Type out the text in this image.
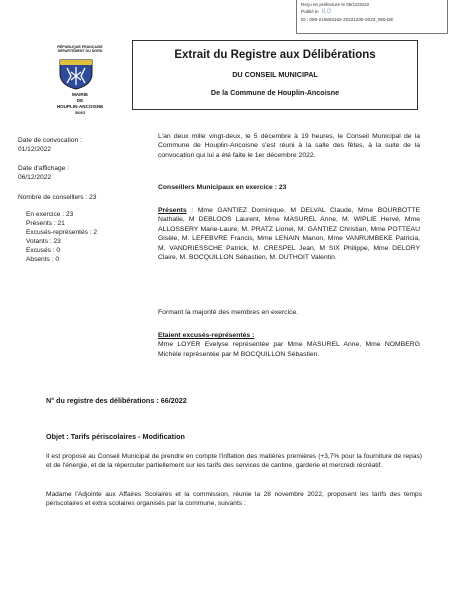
Reçu en préfecture le 06/12/2022
Publié le ILO
ID : 059-215903162-20221205-2022_066-DE
RÉPUBLIQUE FRANÇAISE
DÉPARTEMENT DU NORD
MAIRIE
DE
HOUPLIN-ANCOISNE
59263
Extrait du Registre aux Délibérations
DU CONSEIL MUNICIPAL
De la Commune de Houplin-Ancoisne
Date de convocation :
01/12/2022
Date d'affichage :
06/12/2022
Nombre de conseillers : 23
En exercice : 23
Présents : 21
Excusés-représentés : 2
Votants : 23
Excusés : 0
Absents : 0
L'an deux mille vingt-deux, le 5 décembre à 19 heures, le Conseil Municipal de la Commune de Houplin-Ancoisne s'est réuni à la salle des fêtes, à la suite de la convocation qui lui a été faite le 1er décembre 2022.
Conseillers Municipaux en exercice : 23
Présents : Mme GANTIEZ Dominique, M DELVAL Claude, Mme BOURBOTTE Nathalie, M DEBLOOS Laurent, Mme MASUREL Anne, M. WIPLIE Hervé, Mme ALLOSSERY Marie-Laure, M. PRATZ Lionel, M. GANTIEZ Christian, Mme POTTEAU Gisèle, M. LEFEBVRE Francis, Mme LENAIN Manon, Mme VANRUMBEKE Patricia, M. VANDRIESSCHE Patrick, M. CRESPEL Jean, M SIX Philippe, Mme DELORY Claire, M. BOCQUILLON Sébastien, M. DUTHOIT Valentin.
Formant la majorité des membres en exercice.
Etaient excusés-représentés :
Mme LOYER Evelyse représentée par Mme MASUREL Anne, Mme NOMBERG Michèle représentée par M BOCQUILLON Sébastien.
N° du registre des délibérations : 66/2022
Objet : Tarifs périscolaires - Modification
Il est proposé au Conseil Municipal de prendre en compte l'inflation des matières premières (+3,7% pour la fourniture de repas) et de l'énergie, et de la répercuter partiellement sur les tarifs des services de cantine, garderie et mercredi récréatif.
Madame l'Adjointe aux Affaires Scolaires et la commission, réunie la 28 novembre 2022, proposent les tarifs des temps périscolaires et extra scolaires organisés par la commune, suivants :
